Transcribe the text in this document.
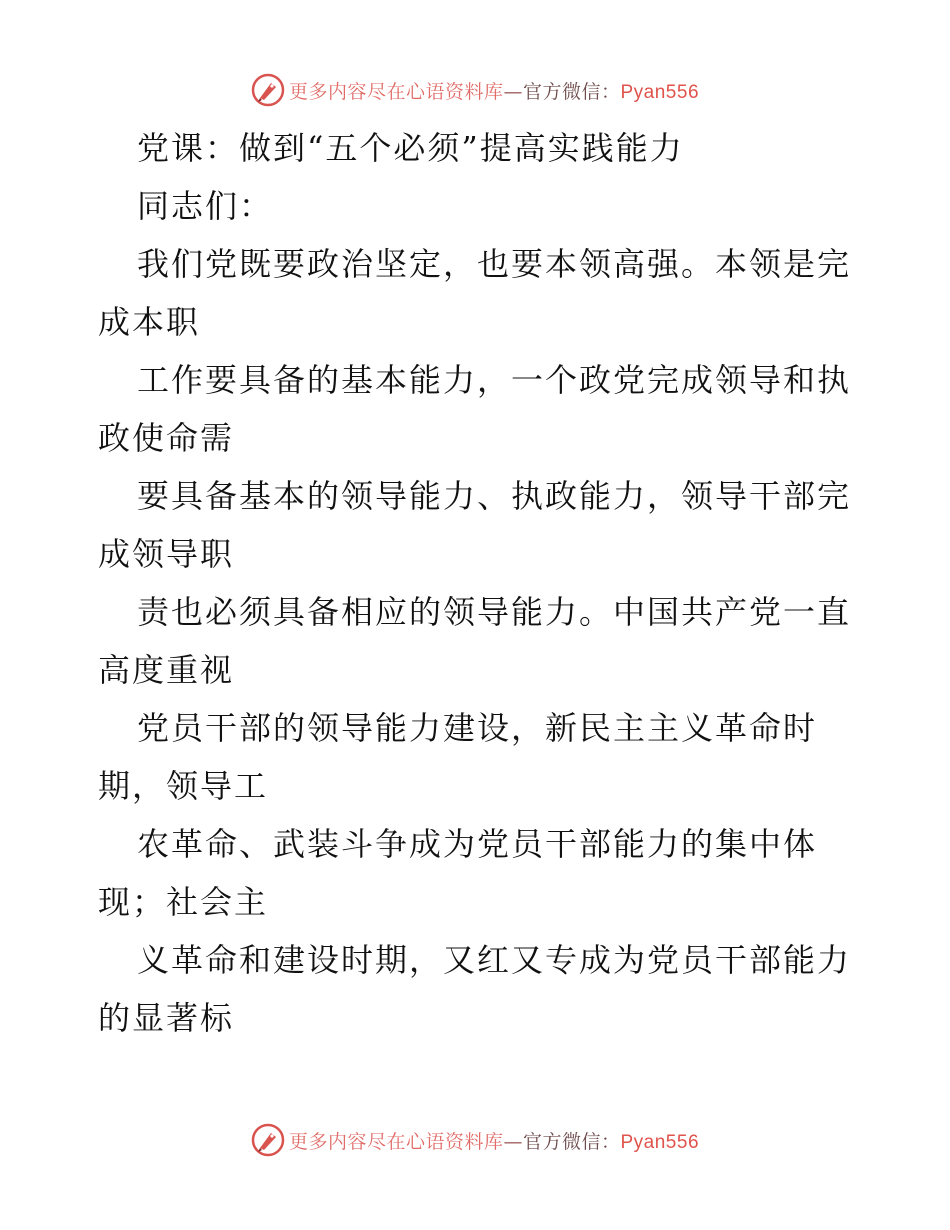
更多内容尽在心语资料库—官方微信：Pyan556
党课：做到“五个必须”提高实践能力
同志们：
我们党既要政治坚定，也要本领高强。本领是完
成本职
工作要具备的基本能力，一个政党完成领导和执
政使命需
要具备基本的领导能力、执政能力，领导干部完
成领导职
责也必须具备相应的领导能力。中国共产党一直
高度重视
党员干部的领导能力建设，新民主主义革命时
期，领导工
农革命、武装斗争成为党员干部能力的集中体
现；社会主
义革命和建设时期，又红又专成为党员干部能力
的显著标
更多内容尽在心语资料库—官方微信：Pyan556
